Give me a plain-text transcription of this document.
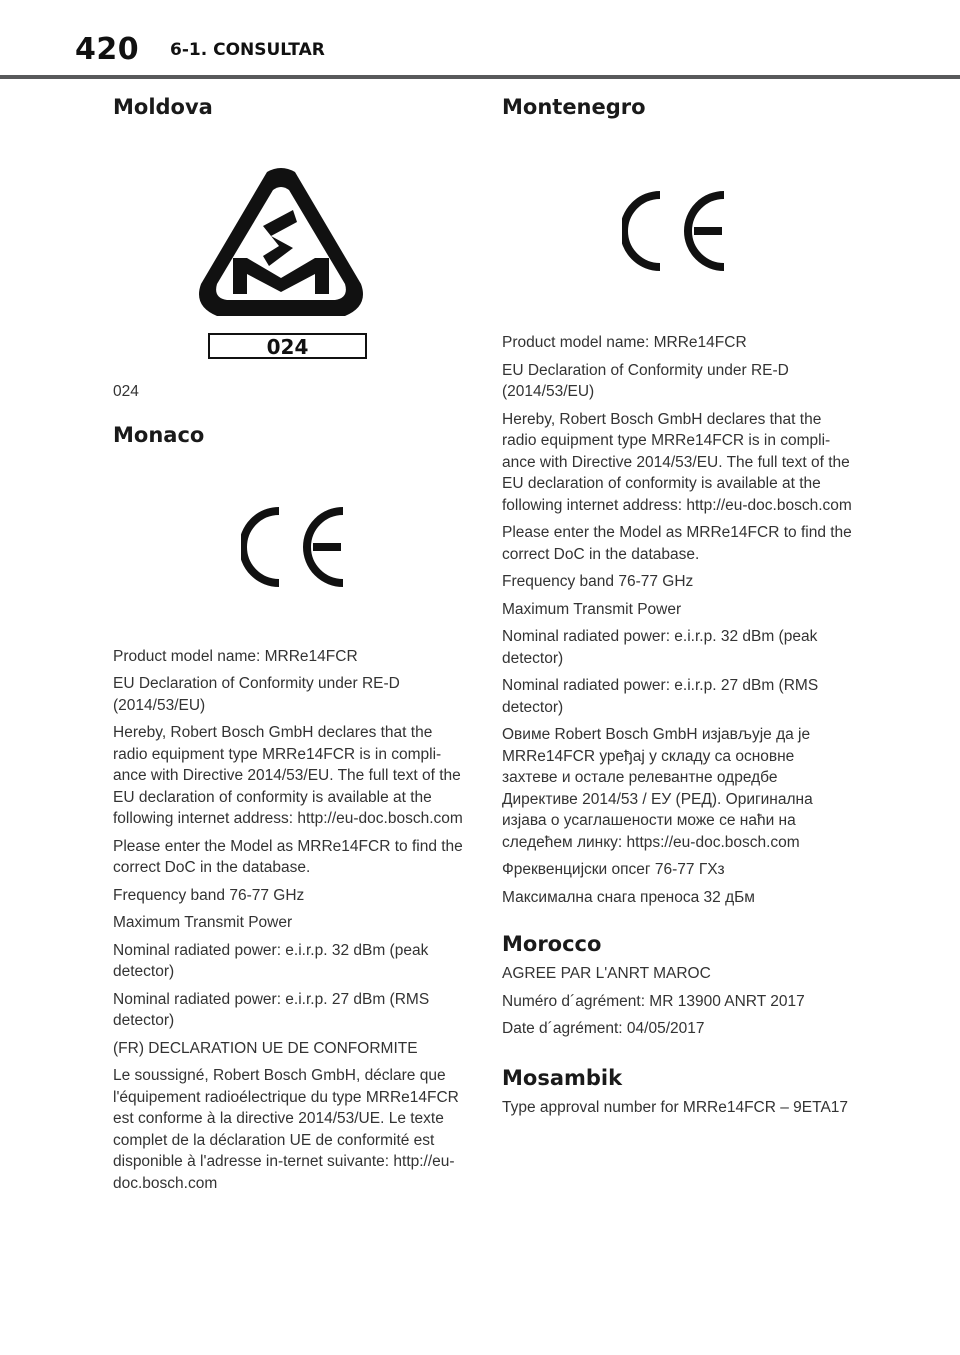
420 6-1. CONSULTAR
Moldova
024

024

Monaco

Product model name: MRRe14FCR

EU Declaration of Conformity under RE-D (2014/53/EU)

Hereby, Robert Bosch GmbH declares that the radio equipment type MRRe14FCR is in compli-ance with Directive 2014/53/EU. The full text of the EU declaration of conformity is available at the following internet address: http://eu-doc.bosch.com

Please enter the Model as MRRe14FCR to find the correct DoC in the database.

Frequency band 76-77 GHz

Maximum Transmit Power

Nominal radiated power: e.i.r.p. 32 dBm (peak detector)

Nominal radiated power: e.i.r.p. 27 dBm (RMS detector)

(FR) DECLARATION UE DE CONFORMITE

Le soussigné, Robert Bosch GmbH, déclare que l'équipement radioélectrique du type MRRe14FCR est conforme à la directive 2014/53/UE. Le texte complet de la déclaration UE de conformité est disponible à l'adresse in-ternet suivante: http://eu-doc.bosch.com

Montenegro

Product model name: MRRe14FCR

EU Declaration of Conformity under RE-D (2014/53/EU)

Hereby, Robert Bosch GmbH declares that the radio equipment type MRRe14FCR is in compli-ance with Directive 2014/53/EU. The full text of the EU declaration of conformity is available at the following internet address: http://eu-doc.bosch.com

Please enter the Model as MRRe14FCR to find the correct DoC in the database.

Frequency band 76-77 GHz

Maximum Transmit Power

Nominal radiated power: e.i.r.p. 32 dBm (peak detector)

Nominal radiated power: e.i.r.p. 27 dBm (RMS detector)

Овиме Robert Bosch GmbH изјављује да је MRRe14FCR уређај у складу са основне захтеве и остале релевантне одредбе Директиве 2014/53 / ЕУ (РЕД). Оригинална изјава о усаглашености може се наћи на следећем линку: https://eu-doc.bosch.com

Фреквенцијски опсег 76-77 ГХз

Максимална снага преноса 32 дБм

Morocco

AGREE PAR L'ANRT MAROC

Numéro d´agrément: MR 13900 ANRT 2017

Date d´agrément: 04/05/2017

Mosambik

Type approval number for MRRe14FCR – 9ETA17
